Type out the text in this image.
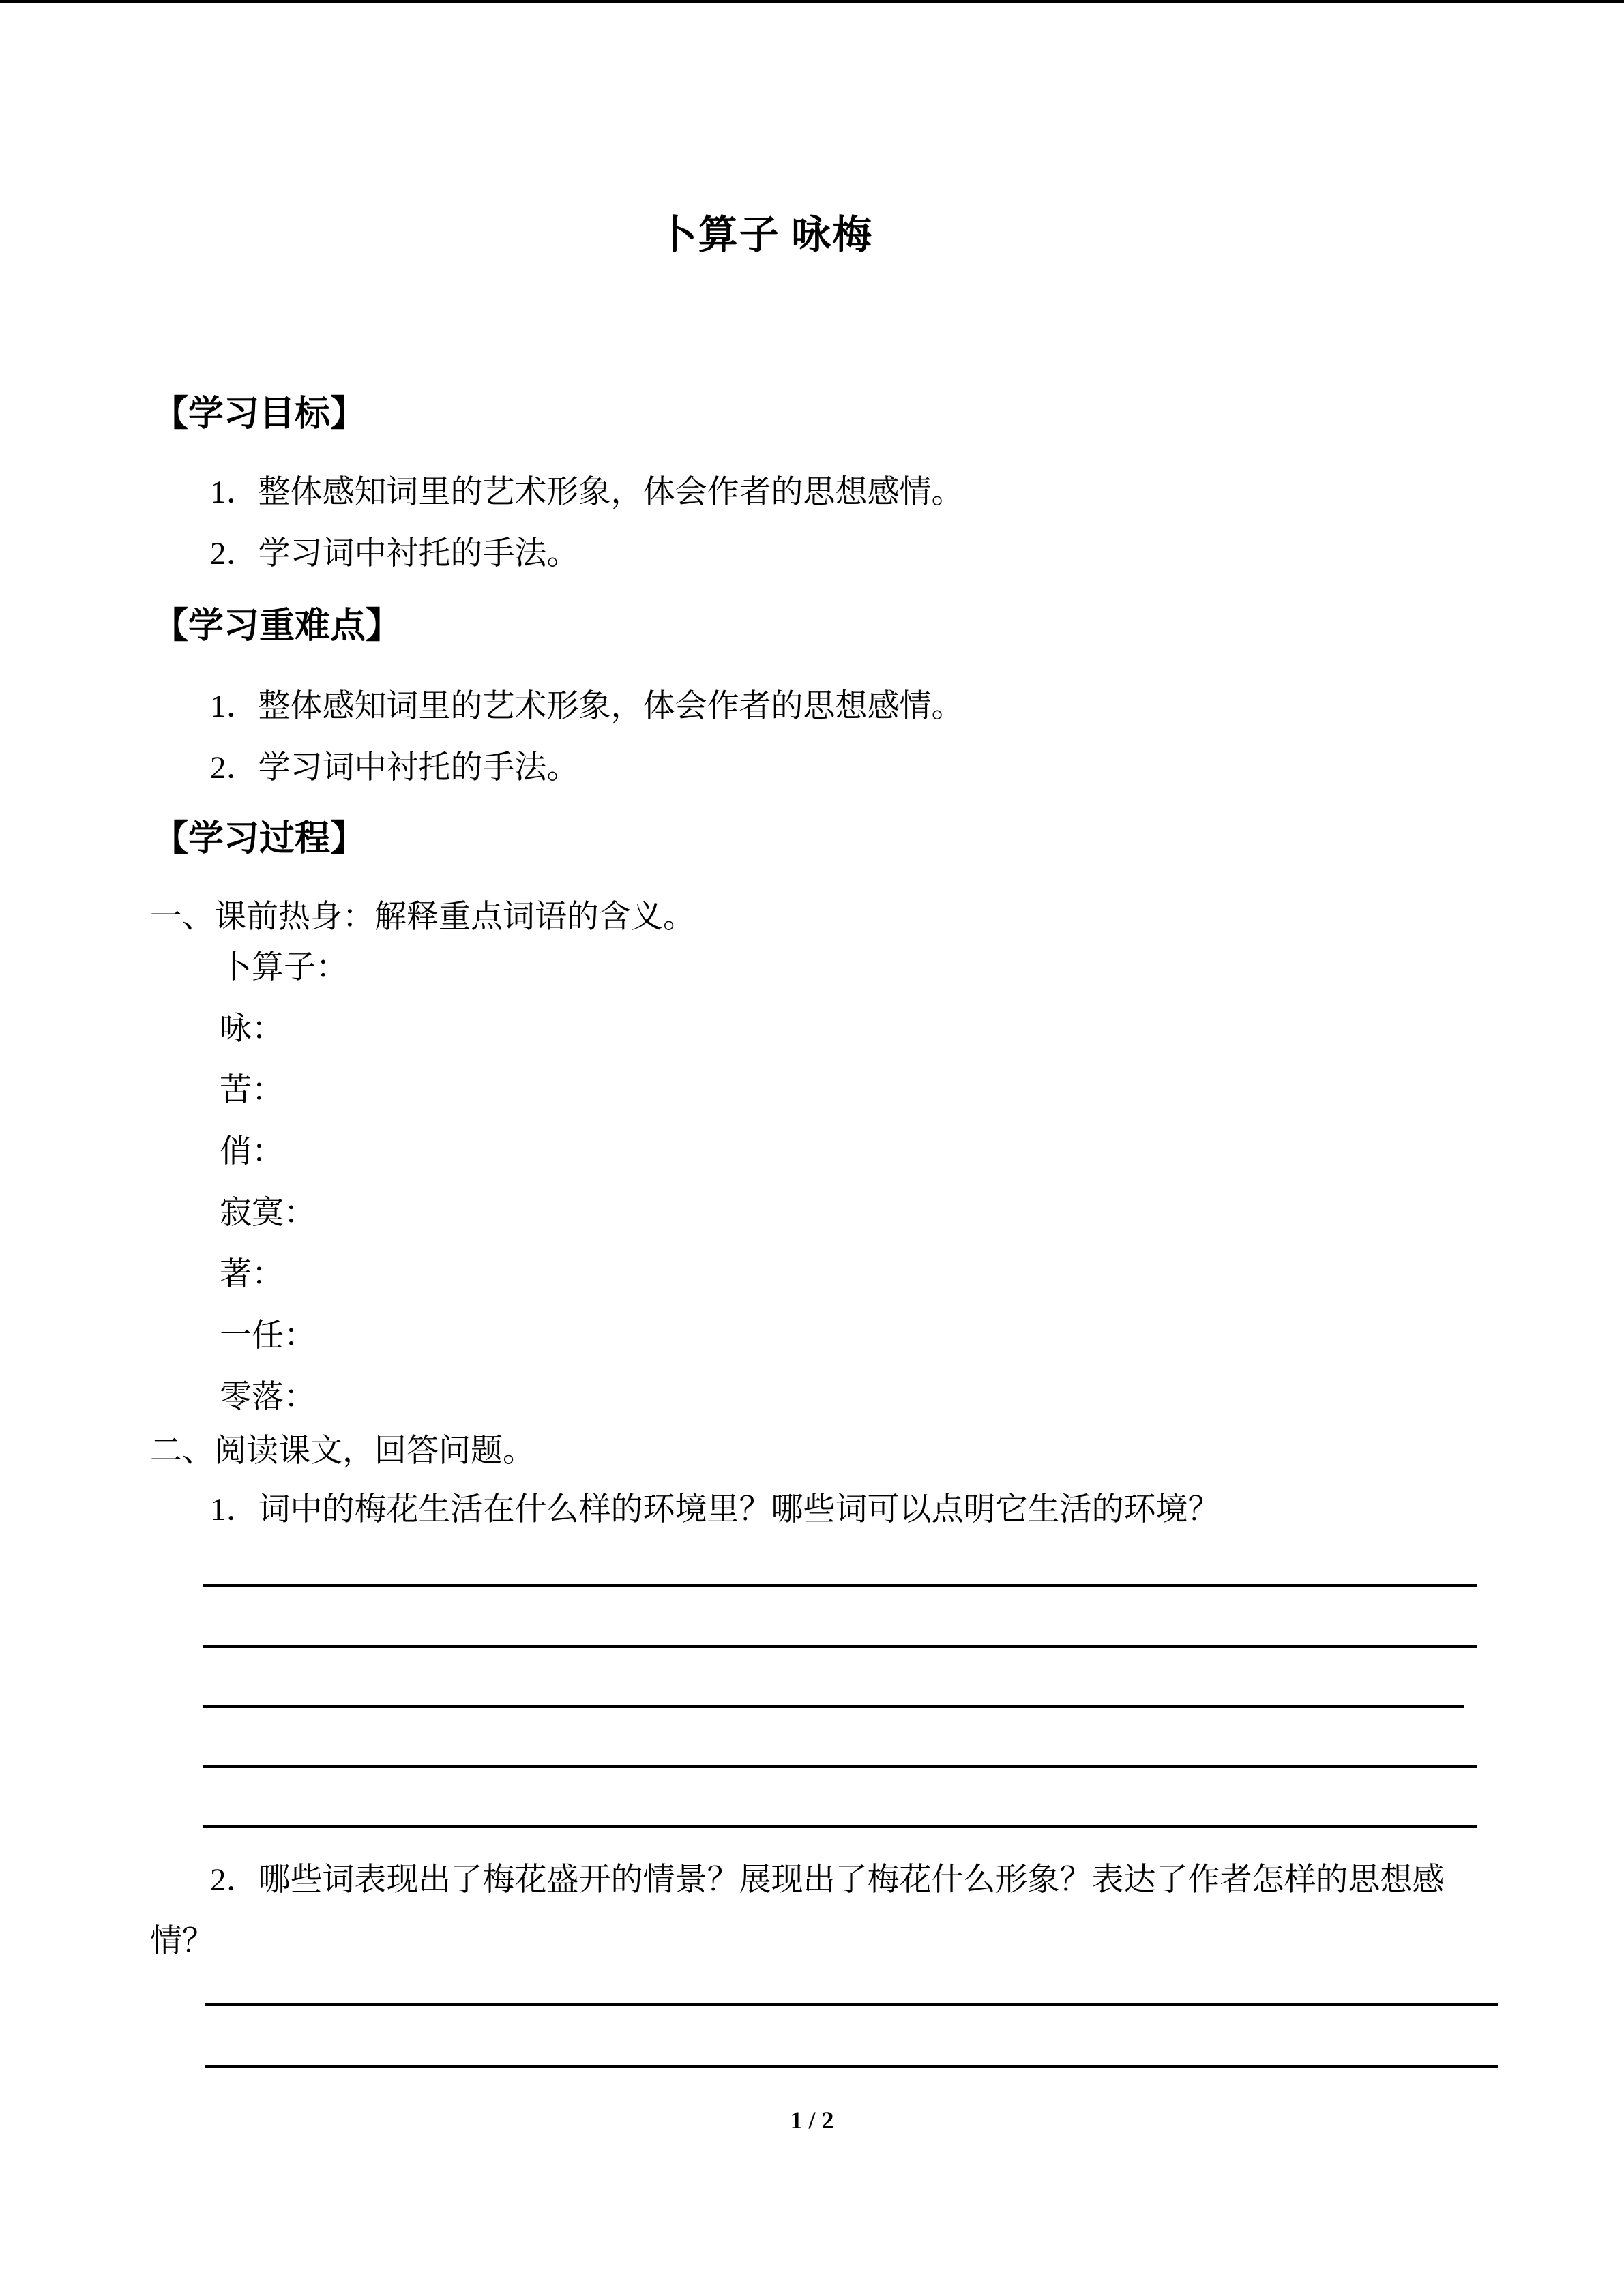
卜算子 咏梅
【学习目标】
1．整体感知词里的艺术形象，体会作者的思想感情。
2．学习词中衬托的手法。
【学习重难点】
1．整体感知词里的艺术形象，体会作者的思想感情。
2．学习词中衬托的手法。
【学习过程】
一、课前热身：解释重点词语的含义。
卜算子：
咏：
苦：
俏：
寂寞：
著：
一任：
零落：
二、阅读课文，回答问题。
1．词中的梅花生活在什么样的环境里？哪些词可以点明它生活的环境？
2．哪些词表现出了梅花盛开的情景？展现出了梅花什么形象？表达了作者怎样的思想感情？
1 / 2
